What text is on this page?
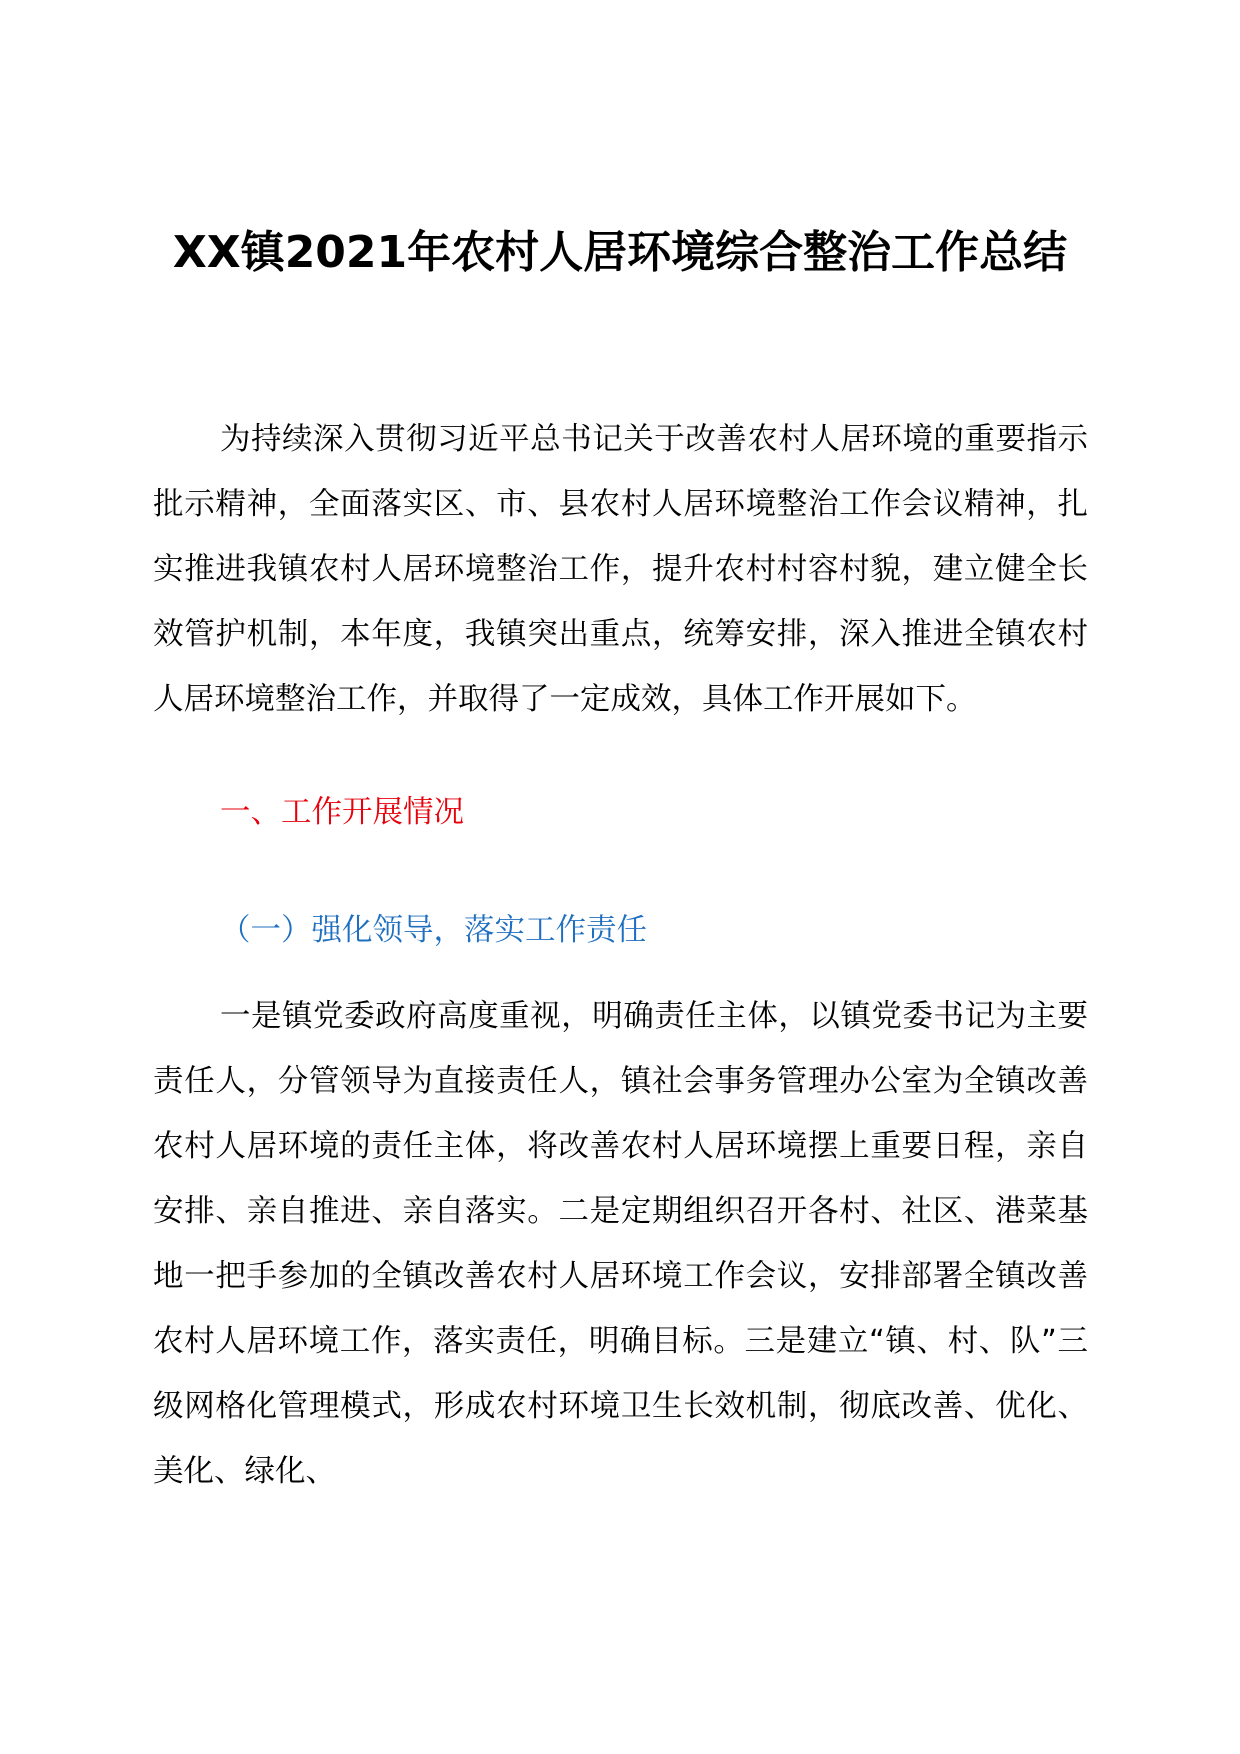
XX镇2021年农村人居环境综合整治工作总结

为持续深入贯彻习近平总书记关于改善农村人居环境的重要指示批示精神，全面落实区、市、县农村人居环境整治工作会议精神，扎实推进我镇农村人居环境整治工作，提升农村村容村貌，建立健全长效管护机制，本年度，我镇突出重点，统筹安排，深入推进全镇农村人居环境整治工作，并取得了一定成效，具体工作开展如下。

一、工作开展情况
（一）强化领导，落实工作责任

一是镇党委政府高度重视，明确责任主体，以镇党委书记为主要责任人，分管领导为直接责任人，镇社会事务管理办公室为全镇改善农村人居环境的责任主体，将改善农村人居环境摆上重要日程，亲自安排、亲自推进、亲自落实。二是定期组织召开各村、社区、港菜基地一把手参加的全镇改善农村人居环境工作会议，安排部署全镇改善农村人居环境工作，落实责任，明确目标。三是建立“镇、村、队”三级网格化管理模式，形成农村环境卫生长效机制，彻底改善、优化、美化、绿化、
